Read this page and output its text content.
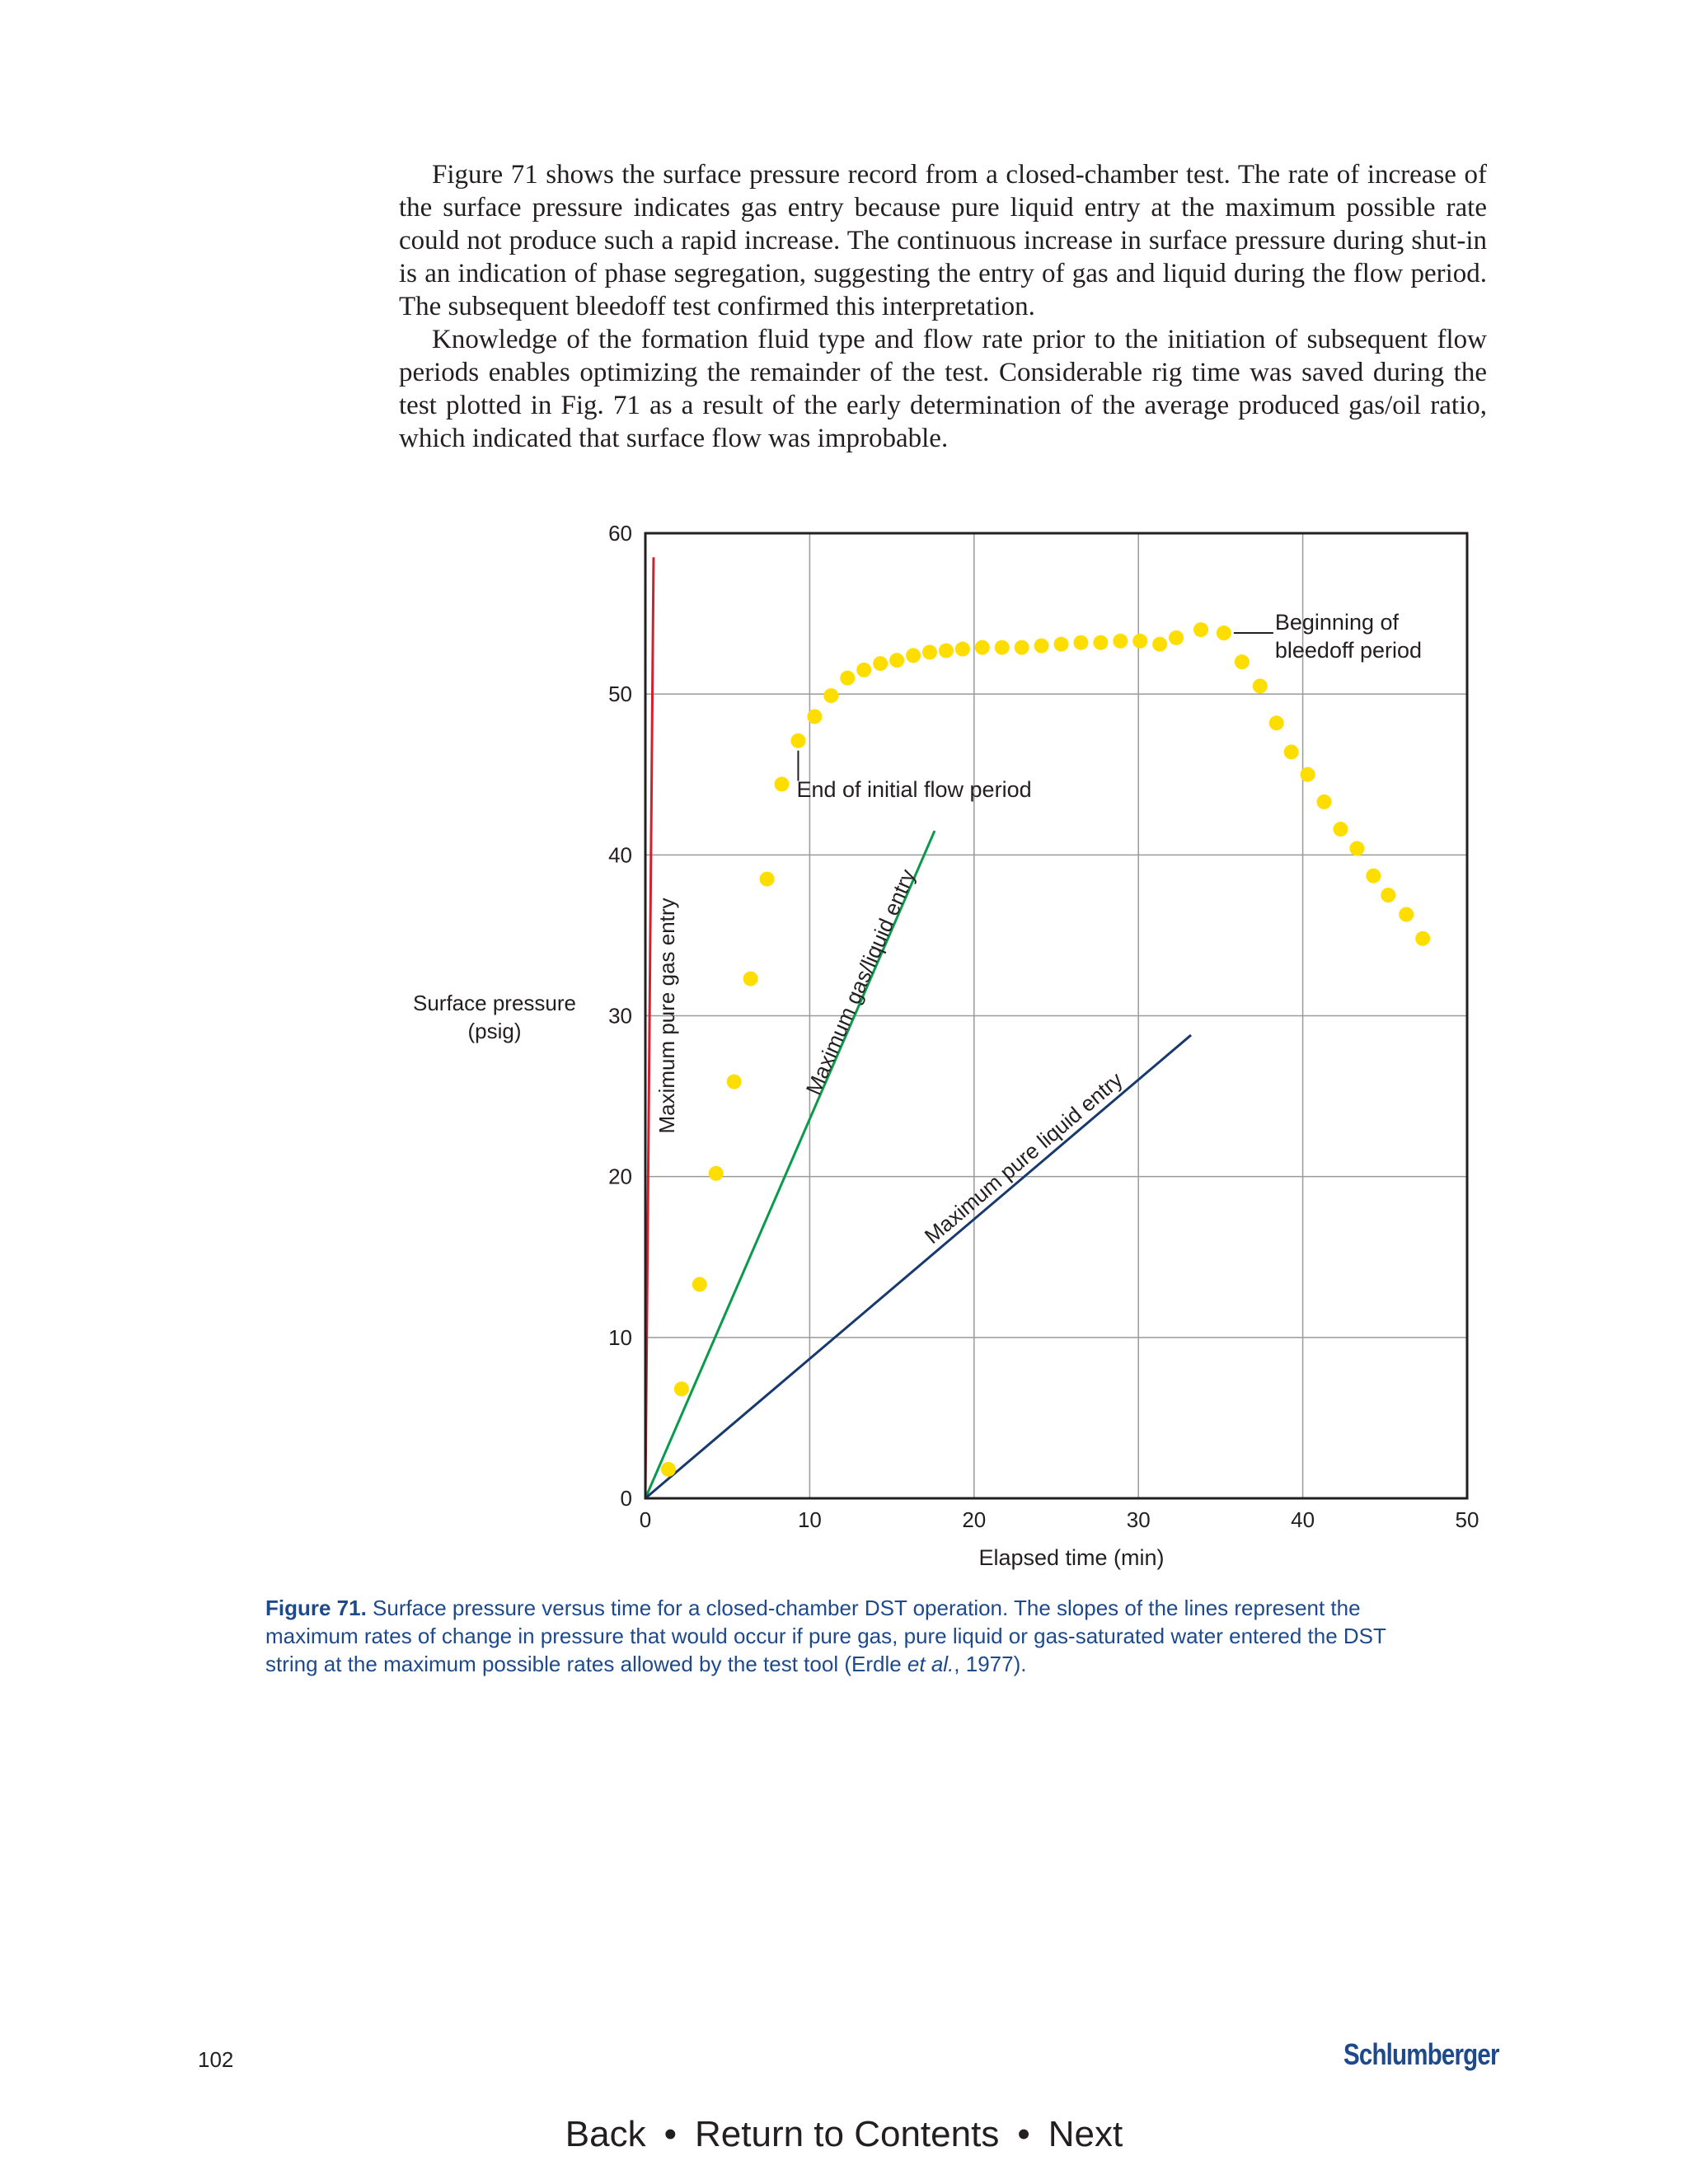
Figure 71 shows the surface pressure record from a closed-chamber test. The rate of increase of the surface pressure indicates gas entry because pure liquid entry at the maximum possible rate could not produce such a rapid increase. The continuous increase in surface pressure during shut-in is an indication of phase segregation, suggesting the entry of gas and liquid during the flow period. The subsequent bleedoff test confirmed this interpretation.

Knowledge of the formation fluid type and flow rate prior to the initiation of subsequent flow periods enables optimizing the remainder of the test. Considerable rig time was saved during the test plotted in Fig. 71 as a result of the early determination of the average produced gas/oil ratio, which indicated that surface flow was improbable.

Surface pressure
(psig)	Maximum pure gas entry	Maximum gas/liquid entry
Maximum pure liquid entry
End of initial flow period
Beginning of bleedoff period
0	10	20	30	40	50
0
10
20
30
40
50
60
Elapsed time (min)
Figure 71. Surface pressure versus time for a closed-chamber DST operation. The slopes of the lines represent the maximum rates of change in pressure that would occur if pure gas, pure liquid or gas-saturated water entered the DST string at the maximum possible rates allowed by the test tool (Erdle et al., 1977).
102	Schlumberger
Back • Return to Contents • Next
